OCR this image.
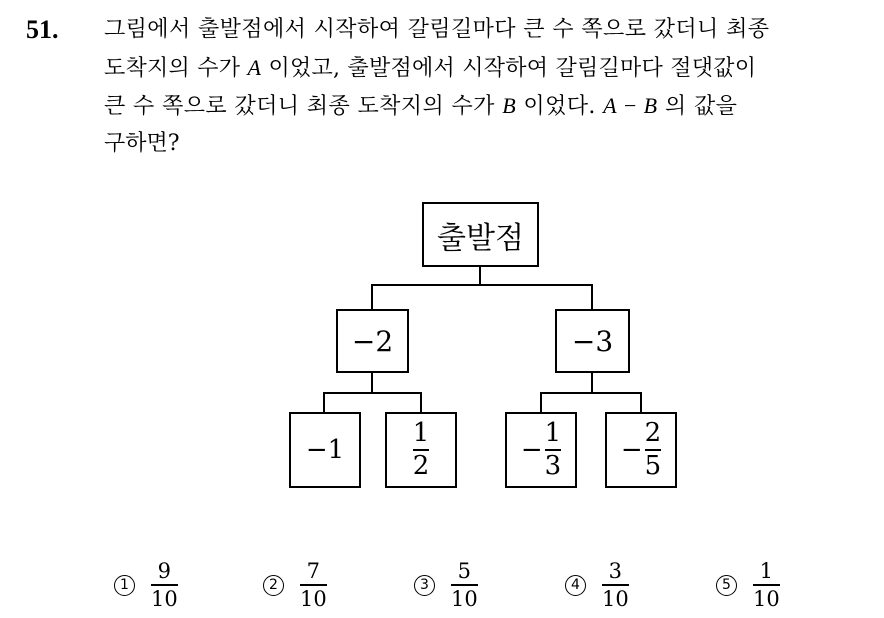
51. 그림에서 출발점에서 시작하여 갈림길마다 큰 수 쪽으로 갔더니 최종
도착지의 수가 A 이었고, 출발점에서 시작하여 갈림길마다 절댓값이
큰 수 쪽으로 갔더니 최종 도착지의 수가 B 이었다. A − B 의 값을
구하면?
출발점
−2	−3
−1	$\frac{1}{2}$	− $\frac{1}{3} - \frac{2}{5}$
$1 \frac{9}{10}$	$2 \frac{7}{10}$	$3 \frac{5}{10}$	$4 \frac{3}{10}$	$5 \frac{1}{10}$
